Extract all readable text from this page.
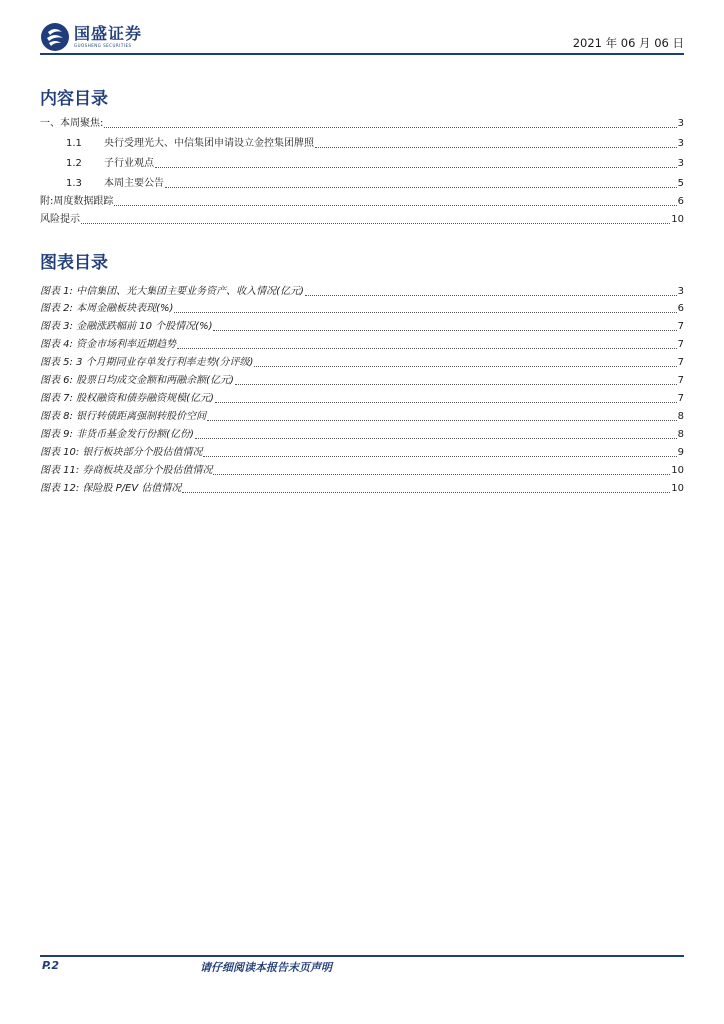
国盛证券
GUOSHENG SECURITIES	2021 年 06 月 06 日
内容目录
一、本周聚焦:	3
1.1	央行受理光大、中信集团申请设立金控集团牌照	3
1.2	子行业观点	3
1.3	本周主要公告	5
附:周度数据跟踪	6
风险提示	10
图表目录
图表 1: 中信集团、光大集团主要业务资产、收入情况(亿元)	3
图表 2: 本周金融板块表现(%)	6
图表 3: 金融涨跌幅前 10 个股情况(%)	7
图表 4: 资金市场利率近期趋势	7
图表 5: 3 个月期同业存单发行利率走势(分评级)	7
图表 6: 股票日均成交金额和两融余额(亿元)	7
图表 7: 股权融资和债券融资规模(亿元)	7
图表 8: 银行转债距离强制转股价空间	8
图表 9: 非货币基金发行份额(亿份)	8
图表 10: 银行板块部分个股估值情况	9
图表 11: 券商板块及部分个股估值情况	10
图表 12: 保险股 P/EV 估值情况	10
P.2	请仔细阅读本报告末页声明
